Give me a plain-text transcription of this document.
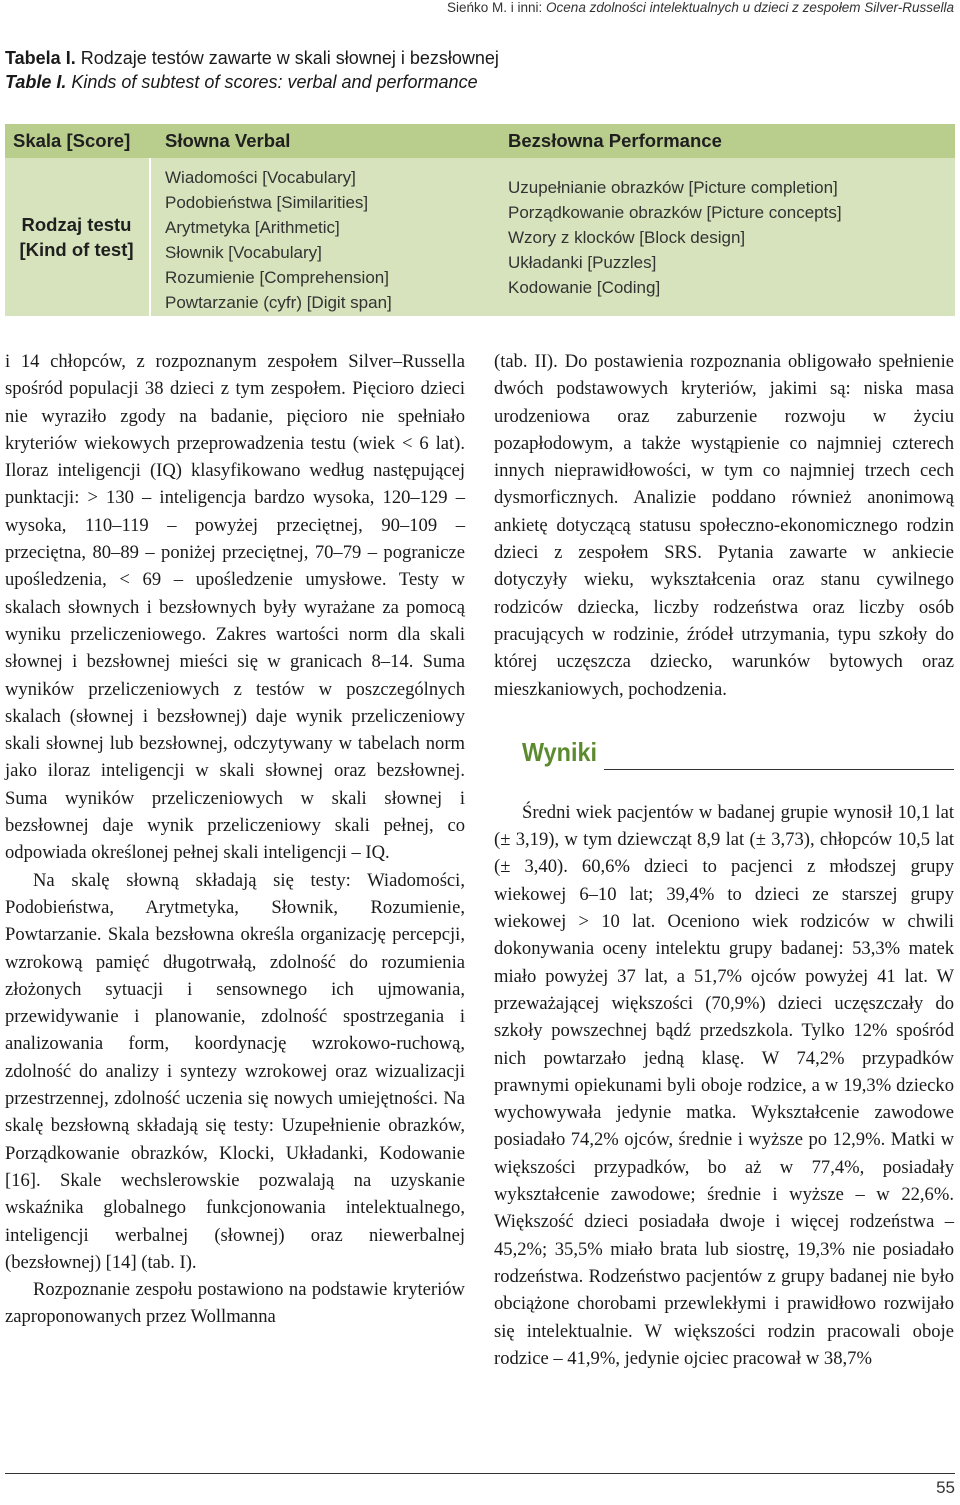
Sieńko M. i inni: Ocena zdolności intelektualnych u dzieci z zespołem Silver-Russella
Tabela I. Rodzaje testów zawarte w skali słownej i bezsłownej
Table I. Kinds of subtest of scores: verbal and performance
Skala [Score] Słowna Verbal	Bezsłowna Performance
Rodzaj testu
[Kind of test]
Wiadomości [Vocabulary]
Podobieństwa [Similarities]
Arytmetyka [Arithmetic]
Słownik [Vocabulary]
Rozumienie [Comprehension]
Powtarzanie (cyfr) [Digit span]
Uzupełnianie obrazków [Picture completion]
Porządkowanie obrazków [Picture concepts]
Wzory z klocków [Block design]
Układanki [Puzzles]
Kodowanie [Coding]

i 14 chłopców, z rozpoznanym zespołem Silver–Russella spośród populacji 38 dzieci z tym zespołem. Pięcioro dzieci nie wyraziło zgody na badanie, pięcioro nie spełniało kryteriów wiekowych przeprowadzenia testu (wiek < 6 lat). Iloraz inteligencji (IQ) klasyfikowano według następującej punktacji: > 130 – inteligencja bardzo wysoka, 120–129 – wysoka, 110–119 – powyżej przeciętnej, 90–109 – przeciętna, 80–89 – poniżej przeciętnej, 70–79 – pogranicze upośledzenia, < 69 – upośledzenie umysłowe. Testy w skalach słownych i bezsłownych były wyrażane za pomocą wyniku przeliczeniowego. Zakres wartości norm dla skali słownej i bezsłownej mieści się w granicach 8–14. Suma wyników przeliczeniowych z testów w poszczególnych skalach (słownej i bezsłownej) daje wynik przeliczeniowy skali słownej lub bezsłownej, odczytywany w tabelach norm jako iloraz inteligencji w skali słownej oraz bezsłownej. Suma wyników przeliczeniowych w skali słownej i bezsłownej daje wynik przeliczeniowy skali pełnej, co odpowiada określonej pełnej skali inteligencji – IQ.

Na skalę słowną składają się testy: Wiadomości, Podobieństwa, Arytmetyka, Słownik, Rozumienie, Powtarzanie. Skala bezsłowna określa organizację percepcji, wzrokową pamięć długotrwałą, zdolność do rozumienia złożonych sytuacji i sensownego ich ujmowania, przewidywanie i planowanie, zdolność spostrzegania i analizowania form, koordynację wzrokowo-ruchową, zdolność do analizy i syntezy wzrokowej oraz wizualizacji przestrzennej, zdolność uczenia się nowych umiejętności. Na skalę bezsłowną składają się testy: Uzupełnienie obrazków, Porządkowanie obrazków, Klocki, Układanki, Kodowanie [16]. Skale wechslerowskie pozwalają na uzyskanie wskaźnika globalnego funkcjonowania intelektualnego, inteligencji werbalnej (słownej) oraz niewerbalnej (bezsłownej) [14] (tab. I).

Rozpoznanie zespołu postawiono na podstawie kryteriów zaproponowanych przez Wollmanna

(tab. II). Do postawienia rozpoznania obligowało spełnienie dwóch podstawowych kryteriów, jakimi są: niska masa urodzeniowa oraz zaburzenie rozwoju w życiu pozapłodowym, a także wystąpienie co najmniej czterech innych nieprawidłowości, w tym co najmniej trzech cech dysmorficznych. Analizie poddano również anonimową ankietę dotyczącą statusu społeczno-ekonomicznego rodzin dzieci z zespołem SRS. Pytania zawarte w ankiecie dotyczyły wieku, wykształcenia oraz stanu cywilnego rodziców dziecka, liczby rodzeństwa oraz liczby osób pracujących w rodzinie, źródeł utrzymania, typu szkoły do której uczęszcza dziecko, warunków bytowych oraz mieszkaniowych, pochodzenia.

Wyniki

Średni wiek pacjentów w badanej grupie wynosił 10,1 lat (± 3,19), w tym dziewcząt 8,9 lat (± 3,73), chłopców 10,5 lat (± 3,40). 60,6% dzieci to pacjenci z młodszej grupy wiekowej 6–10 lat; 39,4% to dzieci ze starszej grupy wiekowej > 10 lat. Oceniono wiek rodziców w chwili dokonywania oceny intelektu grupy badanej: 53,3% matek miało powyżej 37 lat, a 51,7% ojców powyżej 41 lat. W przeważającej większości (70,9%) dzieci uczęszczały do szkoły powszechnej bądź przedszkola. Tylko 12% spośród nich powtarzało jedną klasę. W 74,2% przypadków prawnymi opiekunami byli oboje rodzice, a w 19,3% dziecko wychowywała jedynie matka. Wykształcenie zawodowe posiadało 74,2% ojców, średnie i wyższe po 12,9%. Matki w większości przypadków, bo aż w 77,4%, posiadały wykształcenie zawodowe; średnie i wyższe – w 22,6%. Większość dzieci posiadała dwoje i więcej rodzeństwa – 45,2%; 35,5% miało brata lub siostrę, 19,3% nie posiadało rodzeństwa. Rodzeństwo pacjentów z grupy badanej nie było obciążone chorobami przewlekłymi i prawidłowo rozwijało się intelektualnie. W większości rodzin pracowali oboje rodzice – 41,9%, jedynie ojciec pracował w 38,7%

55
